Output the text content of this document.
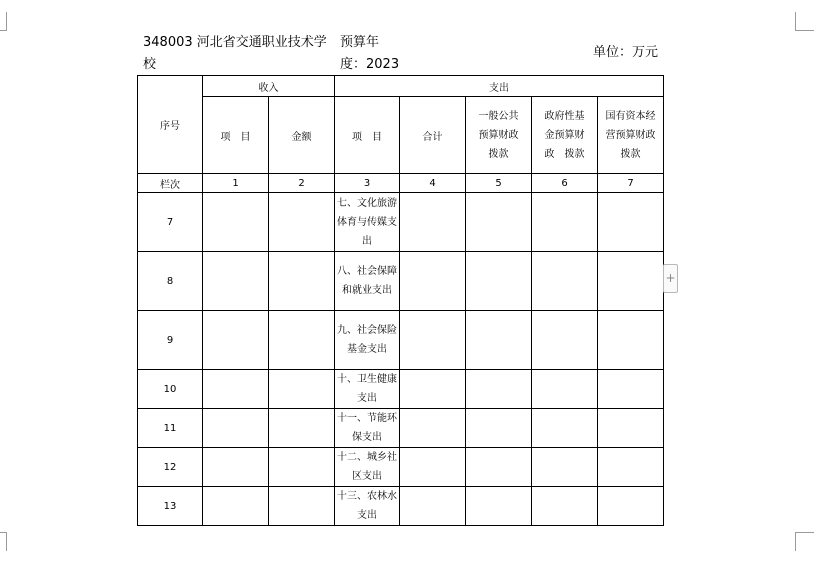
348003 河北省交通职业技术学校
预算年度：2023
单位：万元
序号	收入		支出				
	项　目	金额	项　目	合计	一般公共预算财政拨款	政府性基金预算财政　拨款	国有资本经营预算财政拨款
栏次	1	2	3	4	5	6	7
7			七、文化旅游体育与传媒支出				
8			八、社会保障和就业支出				
9			九、社会保险基金支出				
10			十、卫生健康支出				
11			十一、节能环保支出				
12			十二、城乡社区支出				
13			十三、农林水支出				
+
